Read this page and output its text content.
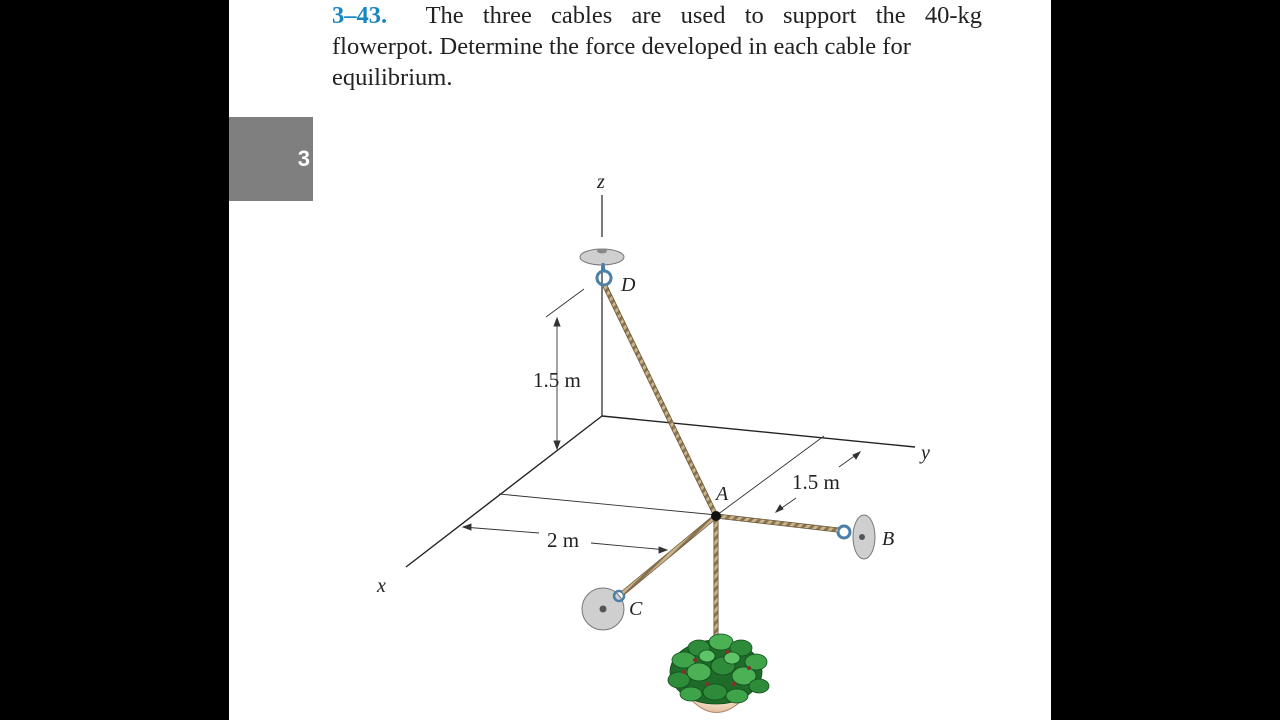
3
3–43. The three cables are used to support the 40-kg
flowerpot. Determine the force developed in each cable for
equilibrium.
z
y
x
D
A
B
C
1.5 m
2 m
1.5 m
